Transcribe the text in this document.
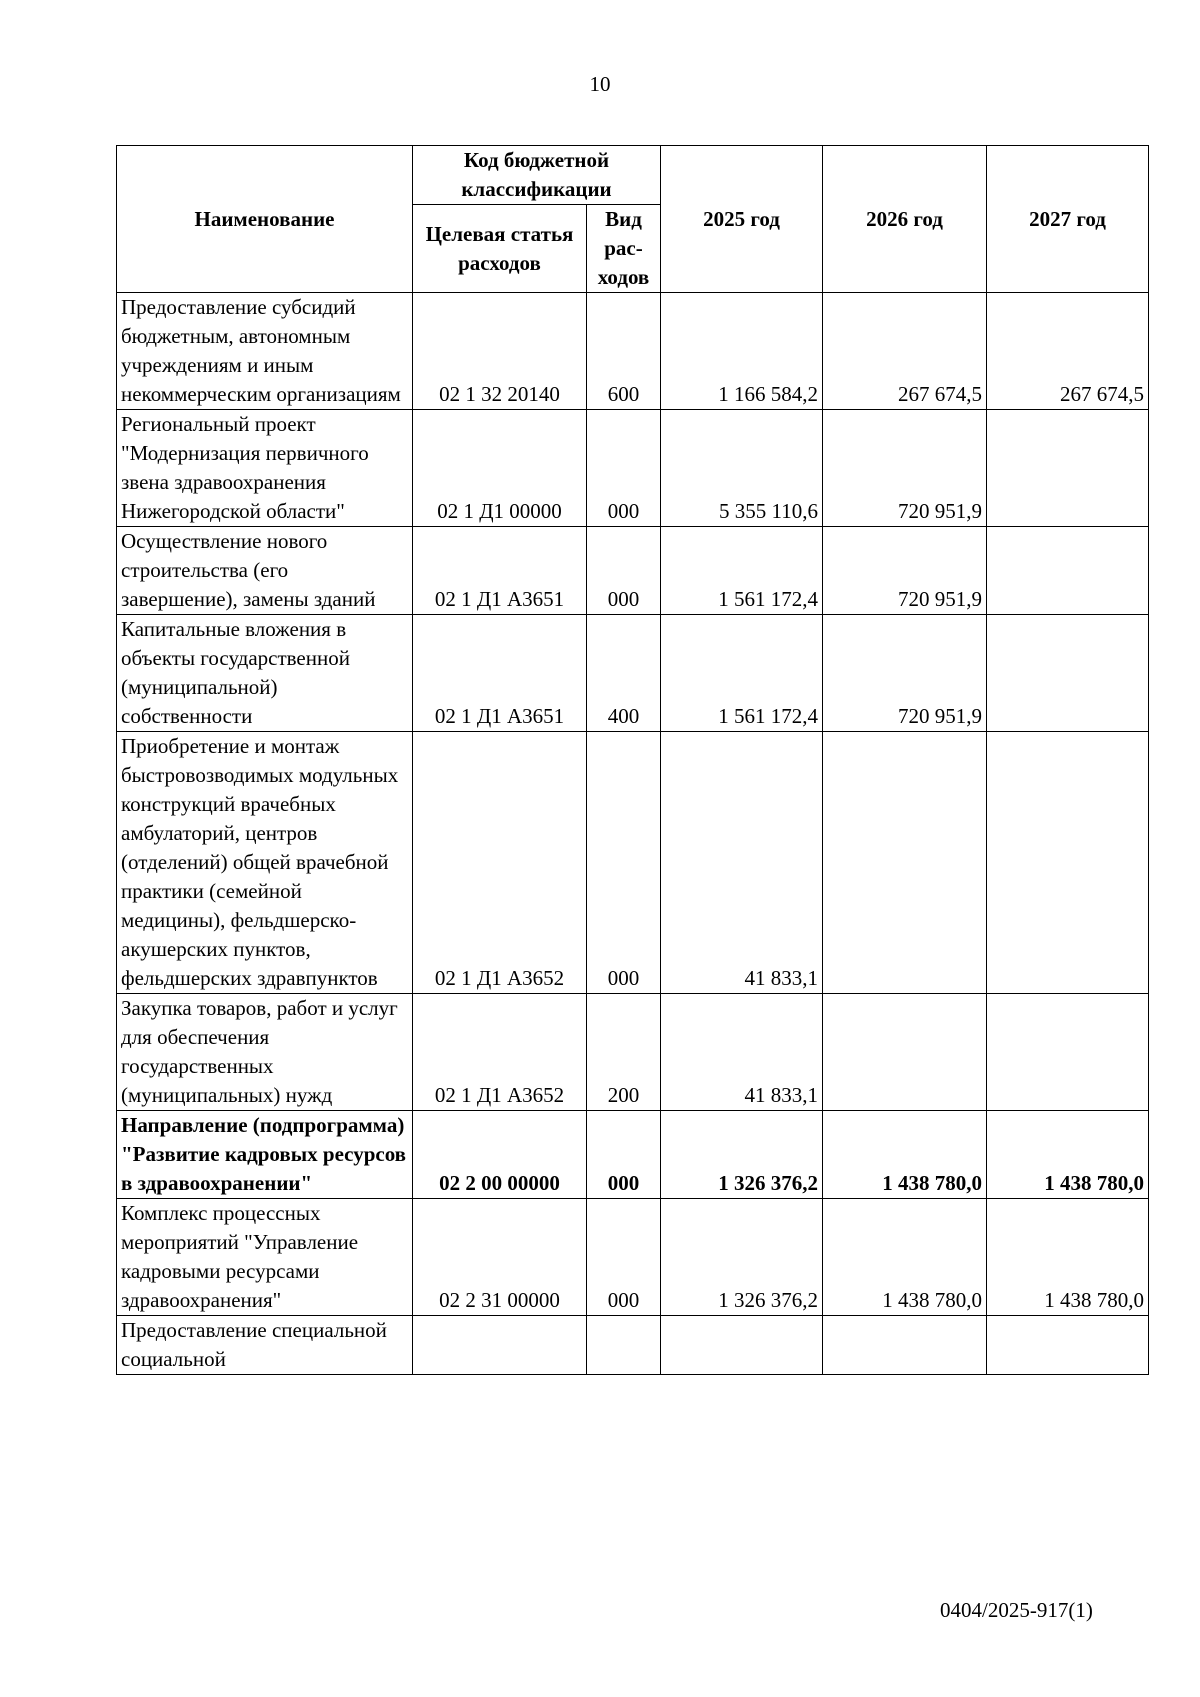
10
Наименование	Код бюджетной классификации		2025 год	2026 год	2027 год
	Целевая статья расходов	Вид рас-ходов			
Предоставление субсидий бюджетным, автономным учреждениям и иным некоммерческим организациям	02 1 32 20140	600	1 166 584,2	267 674,5	267 674,5
Региональный проект "Модернизация первичного звена здравоохранения Нижегородской области"	02 1 Д1 00000	000	5 355 110,6	720 951,9	
Осуществление нового строительства (его завершение), замены зданий	02 1 Д1 А3651	000	1 561 172,4	720 951,9	
Капитальные вложения в объекты государственной (муниципальной) собственности	02 1 Д1 А3651	400	1 561 172,4	720 951,9	
Приобретение и монтаж быстровозводимых модульных конструкций врачебных амбулаторий, центров (отделений) общей врачебной практики (семейной медицины), фельдшерско-акушерских пунктов, фельдшерских здравпунктов	02 1 Д1 А3652	000	41 833,1		
Закупка товаров, работ и услуг для обеспечения государственных (муниципальных) нужд	02 1 Д1 А3652	200	41 833,1		
Направление (подпрограмма) "Развитие кадровых ресурсов в здравоохранении"	02 2 00 00000	000	1 326 376,2	1 438 780,0	1 438 780,0
Комплекс процессных мероприятий "Управление кадровыми ресурсами здравоохранения"	02 2 31 00000	000	1 326 376,2	1 438 780,0	1 438 780,0
Предоставление специальной социальной					
0404/2025-917(1)
